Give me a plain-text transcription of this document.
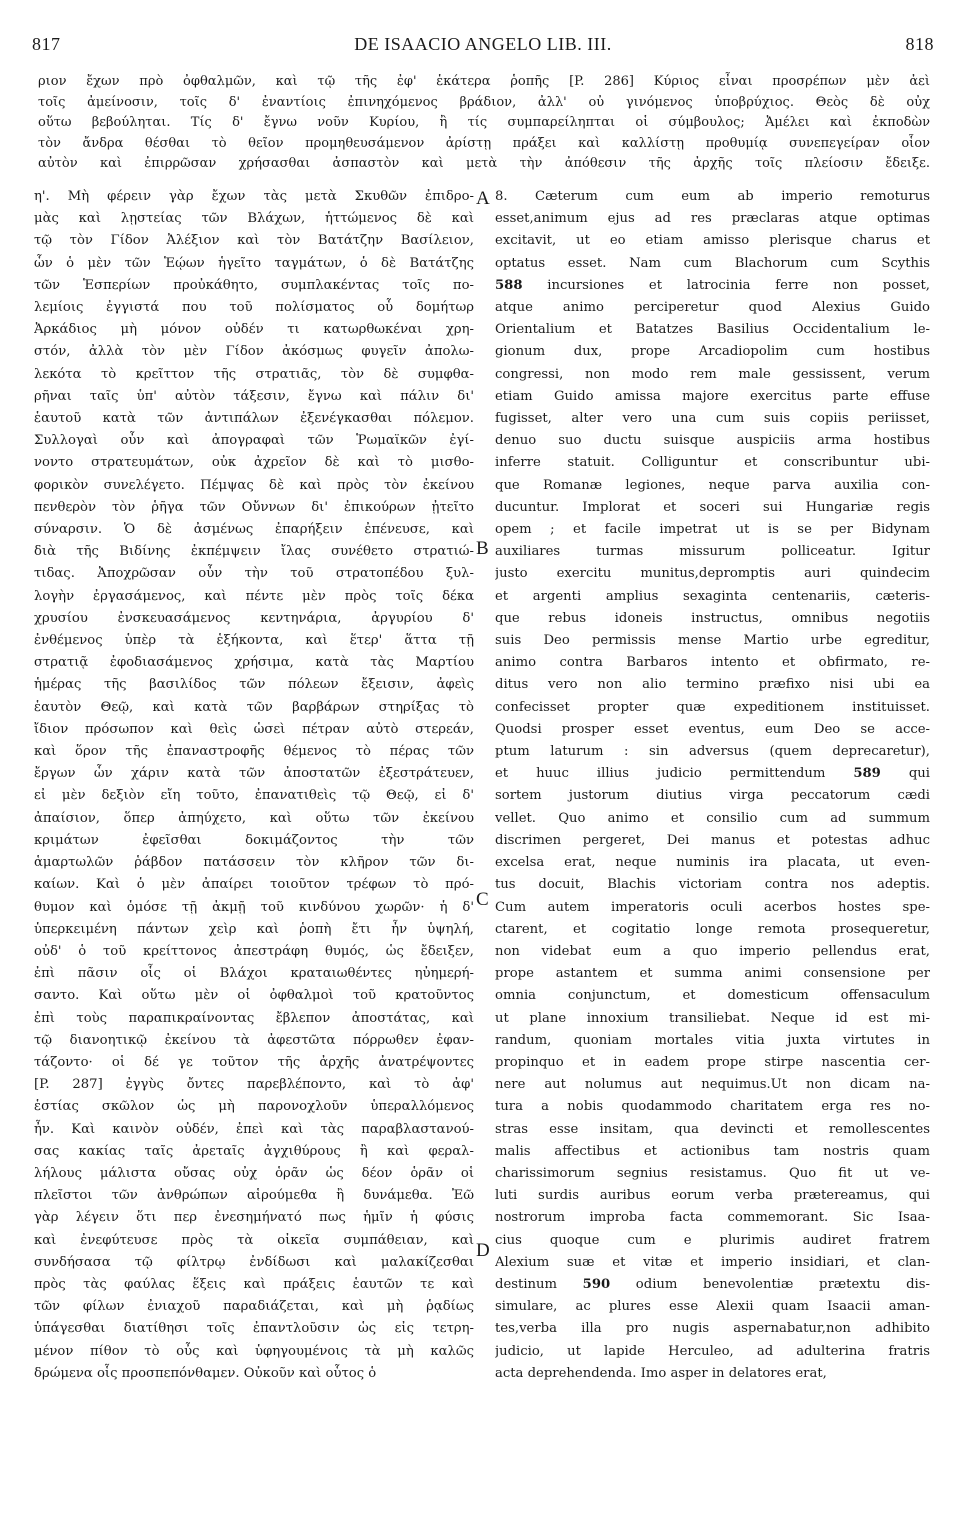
817	DE ISAACIO ANGELO LIB. III.	818
ριον ἔχων πρὸ ὀφθαλμῶν, καὶ τῷ τῆς ἐφ' ἑκάτερα ῥοπῆς [P. 286] Κύριος εἶναι προσρέπων μὲν ἀεὶ
τοῖς ἀμείνοσιν, τοῖς δ' ἐναντίοις ἐπινηχόμενος βράδιον, ἀλλ' οὐ γινόμενος ὑποβρύχιος. Θεὸς δὲ οὐχ
οὕτω βεβούληται. Τίς δ' ἔγνω νοῦν Κυρίου, ἢ τίς συμπαρείληπται οἱ σύμβουλος; Ἀμέλει καὶ ἐκποδὼν
τὸν ἄνδρα θέσθαι τὸ θεῖον προμηθευσάμενον ἀρίστῃ πράξει καὶ καλλίστῃ προθυμίᾳ συνεπεγείραν οἷον
αὐτὸν καὶ ἐπιρρῶσαν χρήσασθαι ἀσπαστὸν καὶ μετὰ τὴν ἀπόθεσιν τῆς ἀρχῆς τοῖς πλείοσιν ἔδειξε.
η'. Μὴ φέρειν γὰρ ἔχων τὰς μετὰ Σκυθῶν ἐπιδρο-
μὰς καὶ λῃστείας τῶν Βλάχων, ἡττώμενος δὲ καὶ
τῷ τὸν Γίδον Ἀλέξιον καὶ τὸν Βατάτζην Βασίλειον,
ὧν ὁ μὲν τῶν Ἑῴων ἡγεῖτο ταγμάτων, ὁ δὲ Βατάτζης
τῶν Ἑσπερίων προὐκάθητο, συμπλακέντας τοῖς πο-
λεμίοις ἐγγιστά που τοῦ πολίσματος οὗ δομήτωρ
Ἀρκάδιος μὴ μόνον οὐδέν τι κατωρθωκέναι χρη-
στόν, ἀλλὰ τὸν μὲν Γίδον ἀκόσμως φυγεῖν ἀπολω-
λεκότα τὸ κρεῖττον τῆς στρατιᾶς, τὸν δὲ συμφθα-
ρῆναι ταῖς ὑπ' αὐτὸν τάξεσιν, ἔγνω καὶ πάλιν δι'
ἑαυτοῦ κατὰ τῶν ἀντιπάλων ἐξενέγκασθαι πόλεμον.
Συλλογαὶ οὖν καὶ ἀπογραφαὶ τῶν Ῥωμαϊκῶν ἐγί-
νοντο στρατευμάτων, οὐκ ἀχρεῖον δὲ καὶ τὸ μισθο-
φορικὸν συνελέγετο. Πέμψας δὲ καὶ πρὸς τὸν ἐκείνου
πενθερὸν τὸν ῥῆγα τῶν Οὔννων δι' ἐπικούρων ᾐτεῖτο
σύναρσιν. Ὁ δὲ ἀσμένως ἐπαρήξειν ἐπένευσε, καὶ
διὰ τῆς Βιδίνης ἐκπέμψειν ἴλας συνέθετο στρατιώ-
τιδας. Ἀποχρῶσαν οὖν τὴν τοῦ στρατοπέδου ξυλ-
λογὴν ἐργασάμενος, καὶ πέντε μὲν πρὸς τοῖς δέκα
χρυσίου ἐνσκευασάμενος κεντηνάρια, ἀργυρίου δ'
ἐνθέμενος ὑπὲρ τὰ ἑξήκοντα, καὶ ἕτερ' ἅττα τῇ
στρατιᾷ ἐφοδιασάμενος χρήσιμα, κατὰ τὰς Μαρτίου
ἡμέρας τῆς βασιλίδος τῶν πόλεων ἔξεισιν, ἀφεὶς
ἑαυτὸν Θεῷ, καὶ κατὰ τῶν βαρβάρων στηρίξας τὸ
ἴδιον πρόσωπον καὶ θεὶς ὡσεὶ πέτραν αὐτὸ στερεάν,
καὶ ὅρον τῆς ἐπαναστροφῆς θέμενος τὸ πέρας τῶν
ἔργων ὧν χάριν κατὰ τῶν ἀποστατῶν ἐξεστράτευεν,
εἰ μὲν δεξιὸν εἴη τοῦτο, ἐπανατιθεὶς τῷ Θεῷ, εἰ δ'
ἀπαίσιον, ὅπερ ἀπηύχετο, καὶ οὕτω τῶν ἐκείνου
κριμάτων ἐφεῖσθαι δοκιμάζοντος τὴν τῶν
ἁμαρτωλῶν ῥάβδον πατάσσειν τὸν κλῆρον τῶν δι-
καίων. Καὶ ὁ μὲν ἀπαίρει τοιοῦτον τρέφων τὸ πρό-
θυμον καὶ ὁμόσε τῇ ἀκμῇ τοῦ κινδύνου χωρῶν· ἡ δ'
ὑπερκειμένη πάντων χεὶρ καὶ ῥοπὴ ἔτι ἦν ὑψηλή,
οὐδ' ὁ τοῦ κρείττονος ἀπεστράφη θυμός, ὡς ἔδειξεν,
ἐπὶ πᾶσιν οἷς οἱ Βλάχοι κραταιωθέντες ηὐημερή-
σαντο. Καὶ οὕτω μὲν οἱ ὀφθαλμοὶ τοῦ κρατοῦντος
ἐπὶ τοὺς παραπικραίνοντας ἔβλεπον ἀποστάτας, καὶ
τῷ διανοητικῷ ἐκείνου τὰ ἀφεστῶτα πόρρωθεν ἐφαν-
τάζοντο· οἱ δέ γε τοῦτον τῆς ἀρχῆς ἀνατρέψοντες
[P. 287] ἐγγὺς ὄντες παρεβλέποντο, καὶ τὸ ἀφ'
ἑστίας σκῶλον ὡς μὴ παρονοχλοῦν ὑπεραλλόμενος
ἦν. Καὶ καινὸν οὐδέν, ἐπεὶ καὶ τὰς παραβλαστανού-
σας κακίας ταῖς ἀρεταῖς ἀγχιθύρους ἢ καὶ φεραλ-
λήλους μάλιστα οὔσας οὐχ ὁρᾶν ὡς δέον ὁρᾶν οἱ
πλεῖστοι τῶν ἀνθρώπων αἱρούμεθα ἢ δυνάμεθα. Ἐῶ
γὰρ λέγειν ὅτι περ ἐνεσημήνατό πως ἡμῖν ἡ φύσις
καὶ ἐνεφύτευσε πρὸς τὰ οἰκεῖα συμπάθειαν, καὶ
συνδήσασα τῷ φίλτρῳ ἐνδίδωσι καὶ μαλακίζεσθαι
πρὸς τὰς φαύλας ἕξεις καὶ πράξεις ἑαυτῶν τε καὶ
τῶν φίλων ἐνιαχοῦ παραδιάζεται, καὶ μὴ ῥᾳδίως
ὑπάγεσθαι διατίθησι τοῖς ἐπαντλοῦσιν ὡς εἰς τετρη-
μένον πίθον τὸ οὖς καὶ ὑφηγουμένοις τὰ μὴ καλῶς
δρώμενα οἷς προσπεπόνθαμεν. Οὐκοῦν καὶ οὗτος ὁ
8. Cæterum cum eum ab imperio remoturus
esset,animum ejus ad res præclaras atque optimas
excitavit, ut eo etiam amisso plerisque charus et
optatus esset. Nam cum Blachorum cum Scythis
588 incursiones et latrocinia ferre non posset,
atque animo perciperetur quod Alexius Guido
Orientalium et Batatzes Basilius Occidentalium le-
gionum dux, prope Arcadiopolim cum hostibus
congressi, non modo rem male gessissent, verum
etiam Guido amissa majore exercitus parte effuse
fugisset, alter vero una cum suis copiis periisset,
denuo suo ductu suisque auspiciis arma hostibus
inferre statuit. Colliguntur et conscribuntur ubi-
que Romanæ legiones, neque parva auxilia con-
ducuntur. Implorat et soceri sui Hungariæ regis
opem ; et facile impetrat ut is se per Bidynam
auxiliares turmas missurum polliceatur. Igitur
justo exercitu munitus,depromptis auri quindecim
et argenti amplius sexaginta centenariis, cæteris-
que rebus idoneis instructus, omnibus negotiis
suis Deo permissis mense Martio urbe egreditur,
animo contra Barbaros intento et obfirmato, re-
ditus vero non alio termino præfixo nisi ubi ea
confecisset propter quæ expeditionem instituisset.
Quodsi prosper esset eventus, eum Deo se acce-
ptum laturum : sin adversus (quem deprecaretur),
et huuc illius judicio permittendum 589 qui
sortem justorum diutius virga peccatorum cædi
vellet. Quo animo et consilio cum ad summum
discrimen pergeret, Dei manus et potestas adhuc
excelsa erat, neque numinis ira placata, ut even-
tus docuit, Blachis victoriam contra nos adeptis.
Cum autem imperatoris oculi acerbos hostes spe-
ctarent, et cogitatio longe remota prosequeretur,
non videbat eum a quo imperio pellendus erat,
prope astantem et summa animi consensione per
omnia conjunctum, et domesticum offensaculum
ut plane innoxium transiliebat. Neque id est mi-
randum, quoniam mortales vitia juxta virtutes in
propinquo et in eadem prope stirpe nascentia cer-
nere aut nolumus aut nequimus.Ut non dicam na-
tura a nobis quodammodo charitatem erga res no-
stras esse insitam, qua devincti et remollescentes
malis affectibus et actionibus tam nostris quam
charissimorum segnius resistamus. Quo fit ut ve-
luti surdis auribus eorum verba prætereamus, qui
nostrorum improba facta commemorant. Sic Isaa-
cius quoque cum e plurimis audiret fratrem
Alexium suæ et vitæ et imperio insidiari, et clan-
destinum 590 odium benevolentiæ prætextu dis-
simulare, ac plures esse Alexii quam Isaacii aman-
tes,verba illa pro nugis aspernabatur,non adhibito
judicio, ut lapide Herculeo, ad adulterina fratris
acta deprehendenda. Imo asper in delatores erat,
A
B
C
D
